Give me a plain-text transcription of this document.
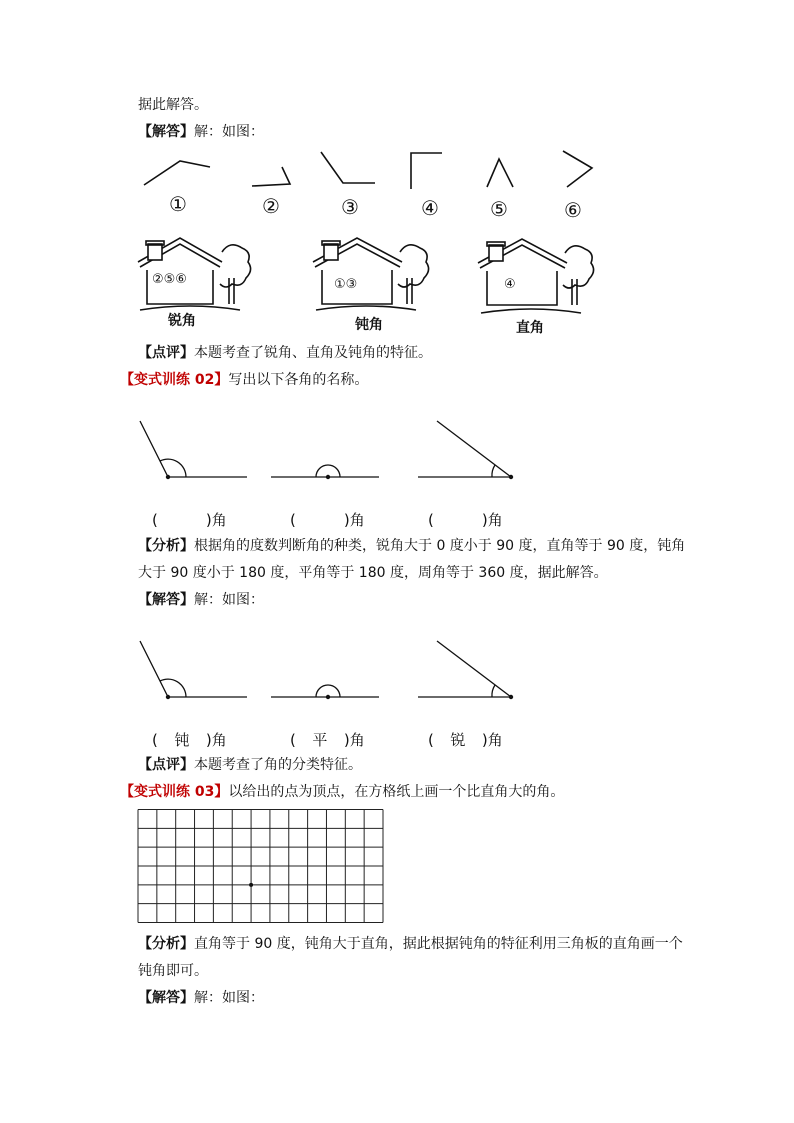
据此解答。
【解答】解：如图：
①	②	③	④	⑤	⑥
②⑤⑥
锐角
①③
钝角
④
直角
【点评】本题考查了锐角、直角及钝角的特征。
【变式训练 02】写出以下各角的名称。
(	)角	(	)角	(	)角
【分析】根据角的度数判断角的种类，锐角大于 0 度小于 90 度，直角等于 90 度，钝角
大于 90 度小于 180 度，平角等于 180 度，周角等于 360 度，据此解答。
【解答】解：如图：
( 钝 )角	( 平 )角	( 锐 )角
【点评】本题考查了角的分类特征。
【变式训练 03】以给出的点为顶点，在方格纸上画一个比直角大的角。
【分析】直角等于 90 度，钝角大于直角，据此根据钝角的特征利用三角板的直角画一个
钝角即可。
【解答】解：如图：
